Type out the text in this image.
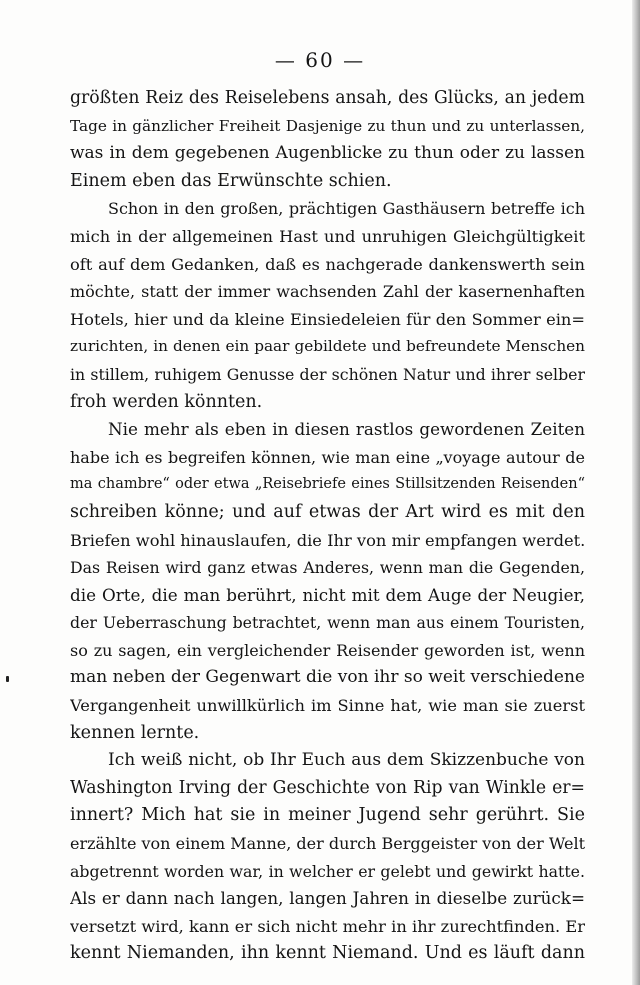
— 60 —
größten Reiz des Reiselebens ansah, des Glücks, an jedem
Tage in gänzlicher Freiheit Dasjenige zu thun und zu unterlassen,
was in dem gegebenen Augenblicke zu thun oder zu lassen
Einem eben das Erwünschte schien.
Schon in den großen, prächtigen Gasthäusern betreffe ich
mich in der allgemeinen Hast und unruhigen Gleichgültigkeit
oft auf dem Gedanken, daß es nachgerade dankenswerth sein
möchte, statt der immer wachsenden Zahl der kasernenhaften
Hotels, hier und da kleine Einsiedeleien für den Sommer ein=
zurichten, in denen ein paar gebildete und befreundete Menschen
in stillem, ruhigem Genusse der schönen Natur und ihrer selber
froh werden könnten.
Nie mehr als eben in diesen rastlos gewordenen Zeiten
habe ich es begreifen können, wie man eine „voyage autour de
ma chambre“ oder etwa „Reisebriefe eines Stillsitzenden Reisenden“
schreiben könne; und auf etwas der Art wird es mit den
Briefen wohl hinauslaufen, die Ihr von mir empfangen werdet.
Das Reisen wird ganz etwas Anderes, wenn man die Gegenden,
die Orte, die man berührt, nicht mit dem Auge der Neugier,
der Ueberraschung betrachtet, wenn man aus einem Touristen,
so zu sagen, ein vergleichender Reisender geworden ist, wenn
man neben der Gegenwart die von ihr so weit verschiedene
Vergangenheit unwillkürlich im Sinne hat, wie man sie zuerst
kennen lernte.
Ich weiß nicht, ob Ihr Euch aus dem Skizzenbuche von
Washington Irving der Geschichte von Rip van Winkle er=
innert? Mich hat sie in meiner Jugend sehr gerührt. Sie
erzählte von einem Manne, der durch Berggeister von der Welt
abgetrennt worden war, in welcher er gelebt und gewirkt hatte.
Als er dann nach langen, langen Jahren in dieselbe zurück=
versetzt wird, kann er sich nicht mehr in ihr zurechtfinden. Er
kennt Niemanden, ihn kennt Niemand. Und es läuft dann
